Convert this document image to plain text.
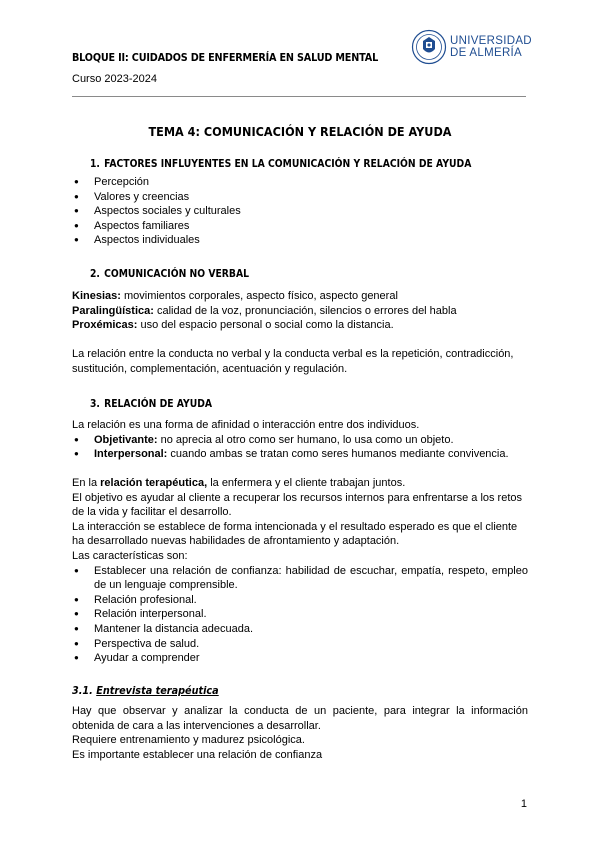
BLOQUE II: CUIDADOS DE ENFERMERÍA EN SALUD MENTAL
Curso 2023-2024
UNIVERSIDAD
DE ALMERÍA
TEMA 4: COMUNICACIÓN Y RELACIÓN DE AYUDA
1. FACTORES INFLUYENTES EN LA COMUNICACIÓN Y RELACIÓN DE AYUDA
● Percepción
● Valores y creencias
● Aspectos sociales y culturales
● Aspectos familiares
● Aspectos individuales
2. COMUNICACIÓN NO VERBAL

Kinesias: movimientos corporales, aspecto físico, aspecto general

Paralingüística: calidad de la voz, pronunciación, silencios o errores del habla

Proxémicas: uso del espacio personal o social como la distancia.

La relación entre la conducta no verbal y la conducta verbal es la repetición, contradicción, sustitución, complementación, acentuación y regulación.
3. RELACIÓN DE AYUDA

La relación es una forma de afinidad o interacción entre dos individuos.

● Objetivante: no aprecia al otro como ser humano, lo usa como un objeto.
● Interpersonal: cuando ambas se tratan como seres humanos mediante convivencia.

En la relación terapéutica, la enfermera y el cliente trabajan juntos.

El objetivo es ayudar al cliente a recuperar los recursos internos para enfrentarse a los retos de la vida y facilitar el desarrollo.

La interacción se establece de forma intencionada y el resultado esperado es que el cliente ha desarrollado nuevas habilidades de afrontamiento y adaptación.

Las características son:

● Establecer una relación de confianza: habilidad de escuchar, empatía, respeto, empleo de un lenguaje comprensible.
● Relación profesional.
● Relación interpersonal.
● Mantener la distancia adecuada.
● Perspectiva de salud.
● Ayudar a comprender
3.1. Entrevista terapéutica

Hay que observar y analizar la conducta de un paciente, para integrar la información obtenida de cara a las intervenciones a desarrollar.

Requiere entrenamiento y madurez psicológica.

Es importante establecer una relación de confianza

1
